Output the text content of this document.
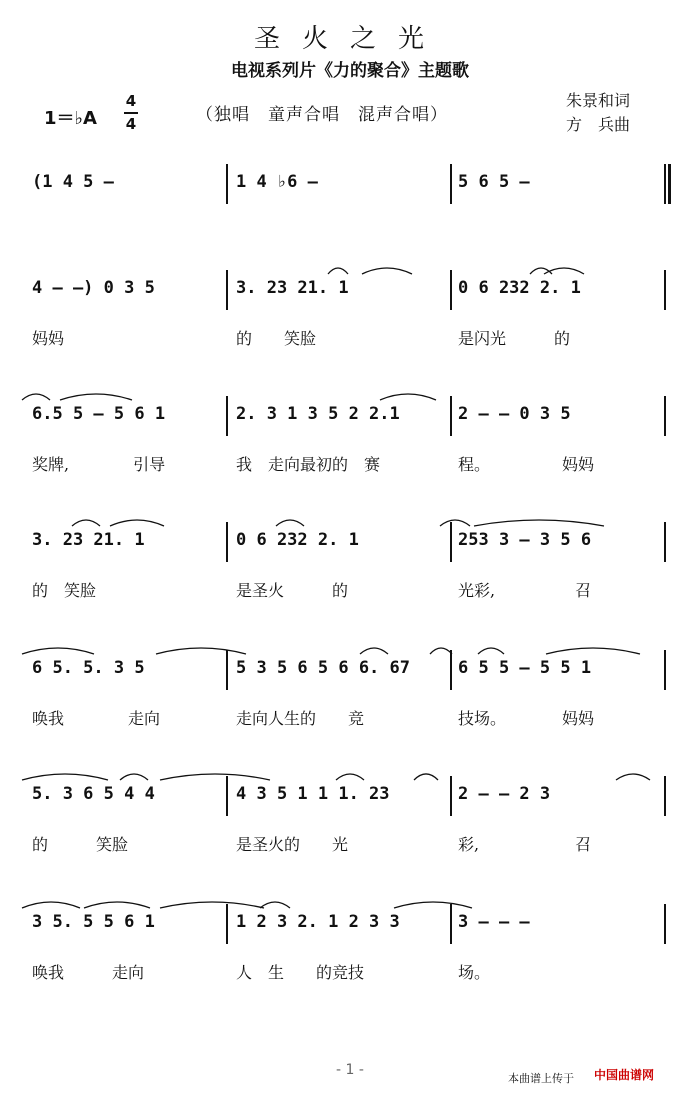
圣火之光
电视系列片《力的聚合》主题歌
1＝♭A
4
4	（独唱　童声合唱　混声合唱）
朱景和词
方　兵曲
(1 4 5 –	1 4 ♭6 –	5 6 5 –
4 – –) 0 3 5
妈妈
3. 23 21. 1
的　　笑脸
0 6 232 2. 1
是闪光　　　的
6.5 5 – 5 6 1
奖牌,　　　　引导
2. 3 1 3 5 2 2.1
我　走向最初的　赛
2 – – 0 3 5
程。　　　　　妈妈
3. 23 21. 1
的　笑脸
0 6 232 2. 1
是圣火　　　的
253 3 – 3 5 6
光彩,　　　　　召
6 5. 5. 3 5
唤我　　　　走向
5 3 5 6 5 6 6. 67
走向人生的　　竞
6 5 5 – 5 5 1
技场。　　　　妈妈
5. 3 6 5 4 4
的　　　笑脸
4 3 5 1 1 1. 23
是圣火的　　光
2 – – 2 3
彩,　　　　　　召
3 5. 5 5 6 1
唤我　　　走向
1 2 3 2. 1 2 3 3
人　生　　的竞技
3 – – –
场。
- 1 -
本曲谱上传于 中国曲谱网
